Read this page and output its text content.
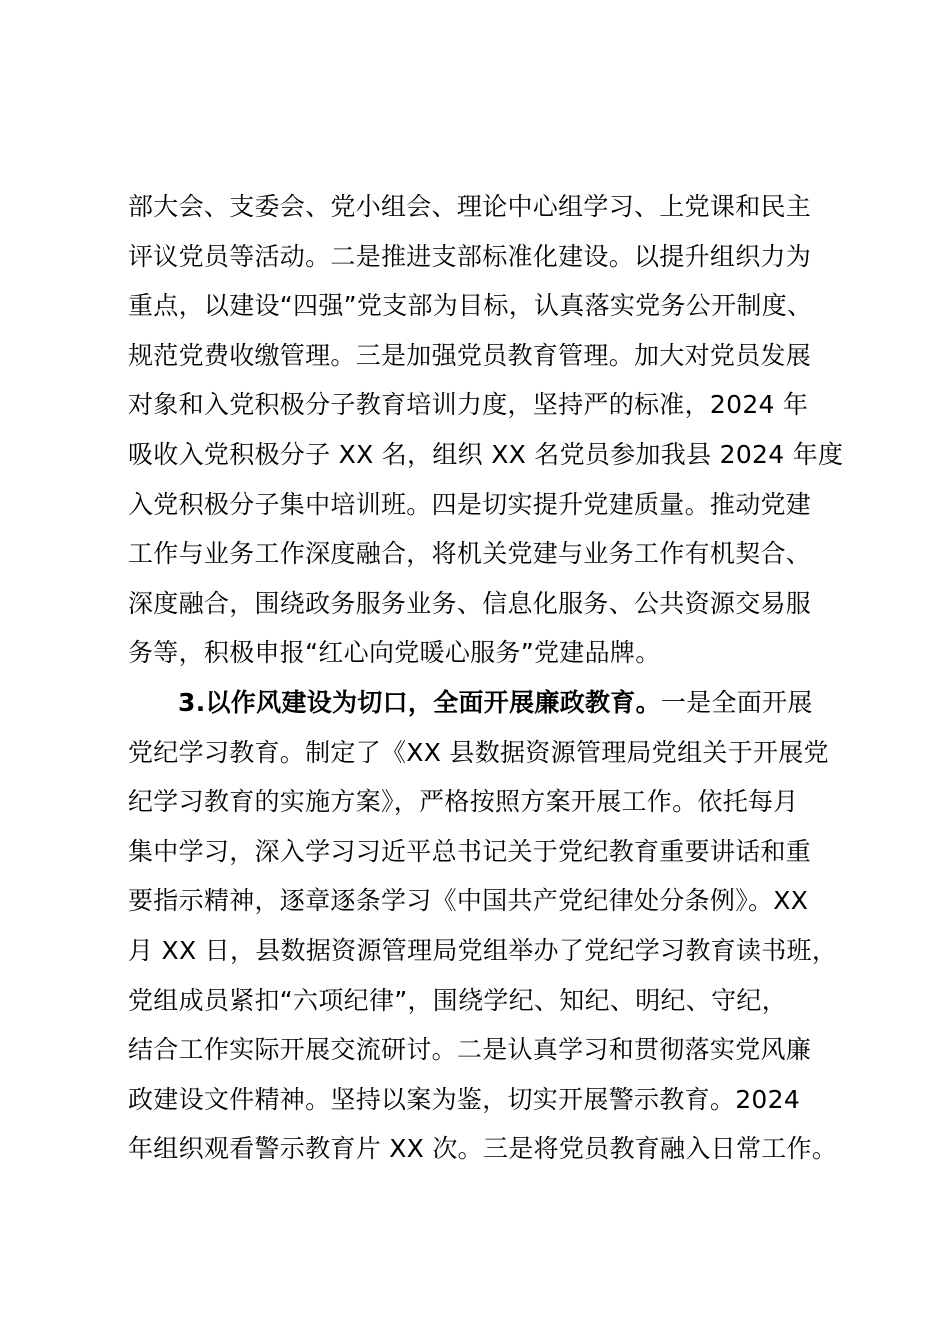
部大会、支委会、党小组会、理论中心组学习、上党课和民主
评议党员等活动。二是推进支部标准化建设。以提升组织力为
重点，以建设“四强”党支部为目标，认真落实党务公开制度、
规范党费收缴管理。三是加强党员教育管理。加大对党员发展
对象和入党积极分子教育培训力度，坚持严的标准，2024 年
吸收入党积极分子 XX 名，组织 XX 名党员参加我县 2024 年度
入党积极分子集中培训班。四是切实提升党建质量。推动党建
工作与业务工作深度融合，将机关党建与业务工作有机契合、
深度融合，围绕政务服务业务、信息化服务、公共资源交易服
务等，积极申报“红心向党暖心服务”党建品牌。
3.以作风建设为切口，全面开展廉政教育。一是全面开展
党纪学习教育。制定了《XX 县数据资源管理局党组关于开展党
纪学习教育的实施方案》，严格按照方案开展工作。依托每月
集中学习，深入学习习近平总书记关于党纪教育重要讲话和重
要指示精神，逐章逐条学习《中国共产党纪律处分条例》。XX
月 XX 日，县数据资源管理局党组举办了党纪学习教育读书班，
党组成员紧扣“六项纪律”，围绕学纪、知纪、明纪、守纪，
结合工作实际开展交流研讨。二是认真学习和贯彻落实党风廉
政建设文件精神。坚持以案为鉴，切实开展警示教育。2024
年组织观看警示教育片 XX 次。三是将党员教育融入日常工作。
